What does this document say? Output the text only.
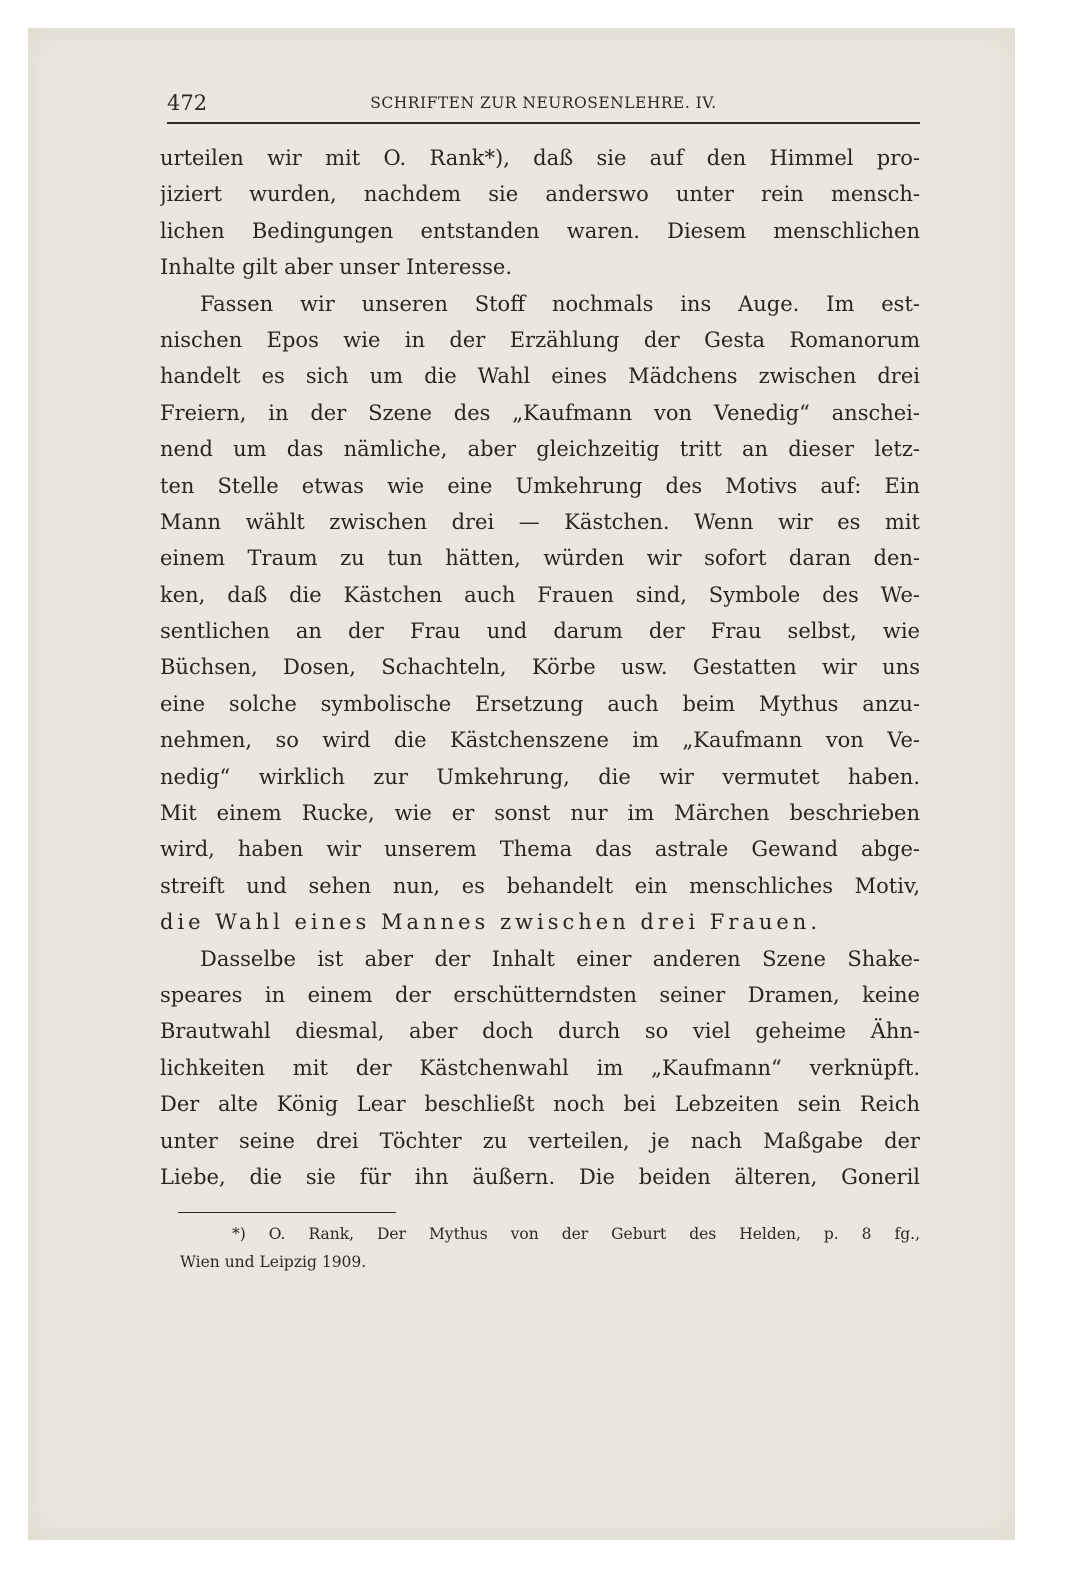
472	SCHRIFTEN ZUR NEUROSENLEHRE. IV.
urteilen wir mit O. Rank*), daß sie auf den Himmel pro-
jiziert wurden, nachdem sie anderswo unter rein mensch-
lichen Bedingungen entstanden waren. Diesem menschlichen
Inhalte gilt aber unser Interesse.
Fassen wir unseren Stoff nochmals ins Auge. Im est-
nischen Epos wie in der Erzählung der Gesta Romanorum
handelt es sich um die Wahl eines Mädchens zwischen drei
Freiern, in der Szene des „Kaufmann von Venedig“ anschei-
nend um das nämliche, aber gleichzeitig tritt an dieser letz-
ten Stelle etwas wie eine Umkehrung des Motivs auf: Ein
Mann wählt zwischen drei — Kästchen. Wenn wir es mit
einem Traum zu tun hätten, würden wir sofort daran den-
ken, daß die Kästchen auch Frauen sind, Symbole des We-
sentlichen an der Frau und darum der Frau selbst, wie
Büchsen, Dosen, Schachteln, Körbe usw. Gestatten wir uns
eine solche symbolische Ersetzung auch beim Mythus anzu-
nehmen, so wird die Kästchenszene im „Kaufmann von Ve-
nedig“ wirklich zur Umkehrung, die wir vermutet haben.
Mit einem Rucke, wie er sonst nur im Märchen beschrieben
wird, haben wir unserem Thema das astrale Gewand abge-
streift und sehen nun, es behandelt ein menschliches Motiv,
die Wahl eines Mannes zwischen drei Frauen.
Dasselbe ist aber der Inhalt einer anderen Szene Shake-
speares in einem der erschütterndsten seiner Dramen, keine
Brautwahl diesmal, aber doch durch so viel geheime Ähn-
lichkeiten mit der Kästchenwahl im „Kaufmann“ verknüpft.
Der alte König Lear beschließt noch bei Lebzeiten sein Reich
unter seine drei Töchter zu verteilen, je nach Maßgabe der
Liebe, die sie für ihn äußern. Die beiden älteren, Goneril
*) O. Rank, Der Mythus von der Geburt des Helden, p. 8 fg.,
Wien und Leipzig 1909.
